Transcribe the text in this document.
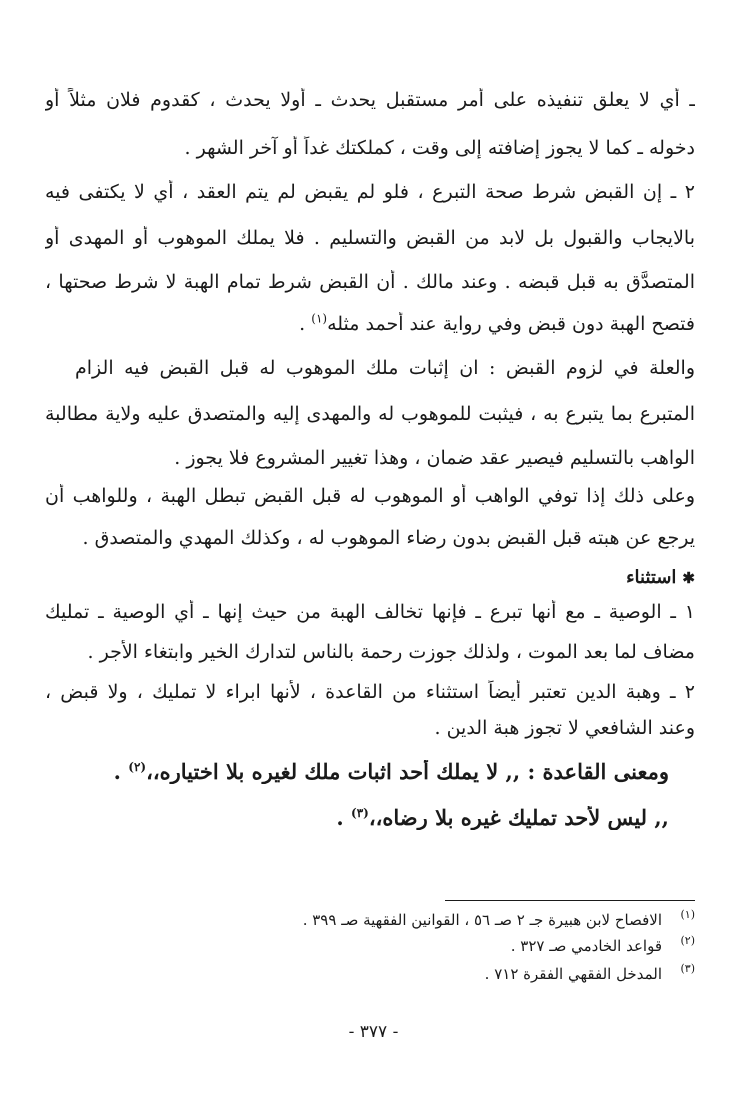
ـ أي لا يعلق تنفيذه على أمر مستقبل يحدث ـ أولا يحدث ، كقدوم فلان مثلاً أو
دخوله ـ كما لا يجوز إضافته إلى وقت ، كملكتك غداً أو آخر الشهر .
٢ ـ إن القبض شرط صحة التبرع ، فلو لم يقبض لم يتم العقد ، أي لا يكتفى فيه
بالايجاب والقبول بل لابد من القبض والتسليم . فلا يملك الموهوب أو المهدى أو
المتصدَّق به قبل قبضه . وعند مالك . أن القبض شرط تمام الهبة لا شرط صحتها ،
فتصح الهبة دون قبض وفي رواية عند أحمد مثله$^{(١)}$ .
والعلة في لزوم القبض : ان إثبات ملك الموهوب له قبل القبض فيه الزام
المتبرع بما يتبرع به ، فيثبت للموهوب له والمهدى إليه والمتصدق عليه ولاية مطالبة
الواهب بالتسليم فيصير عقد ضمان ، وهذا تغيير المشروع فلا يجوز .
وعلى ذلك إذا توفي الواهب أو الموهوب له قبل القبض تبطل الهبة ، وللواهب أن
يرجع عن هبته قبل القبض بدون رضاء الموهوب له ، وكذلك المهدي والمتصدق .
✱استثناء
١ ـ الوصية ـ مع أنها تبرع ـ فإنها تخالف الهبة من حيث إنها ـ أي الوصية ـ تمليك
مضاف لما بعد الموت ، ولذلك جوزت رحمة بالناس لتدارك الخير وابتغاء الأجر .
٢ ـ وهبة الدين تعتبر أيضاً استثناء من القاعدة ، لأنها ابراء لا تمليك ، ولا قبض ،
وعند الشافعي لا تجوز هبة الدين .
ومعنى القاعدة : ,, لا يملك أحد اثبات ملك لغيره بلا اختياره،،$^{(٢)}$ .
,, ليس لأحد تمليك غيره بلا رضاه،،$^{(٣)}$ .
(١)
الافصاح لابن هبيرة جـ ٢ صـ ٥٦ ، القوانين الفقهية صـ ٣٩٩ .
(٢)
قواعد الخادمي صـ ٣٢٧ .
(٣)
المدخل الفقهي الفقرة ٧١٢ .
- ٣٧٧ -
